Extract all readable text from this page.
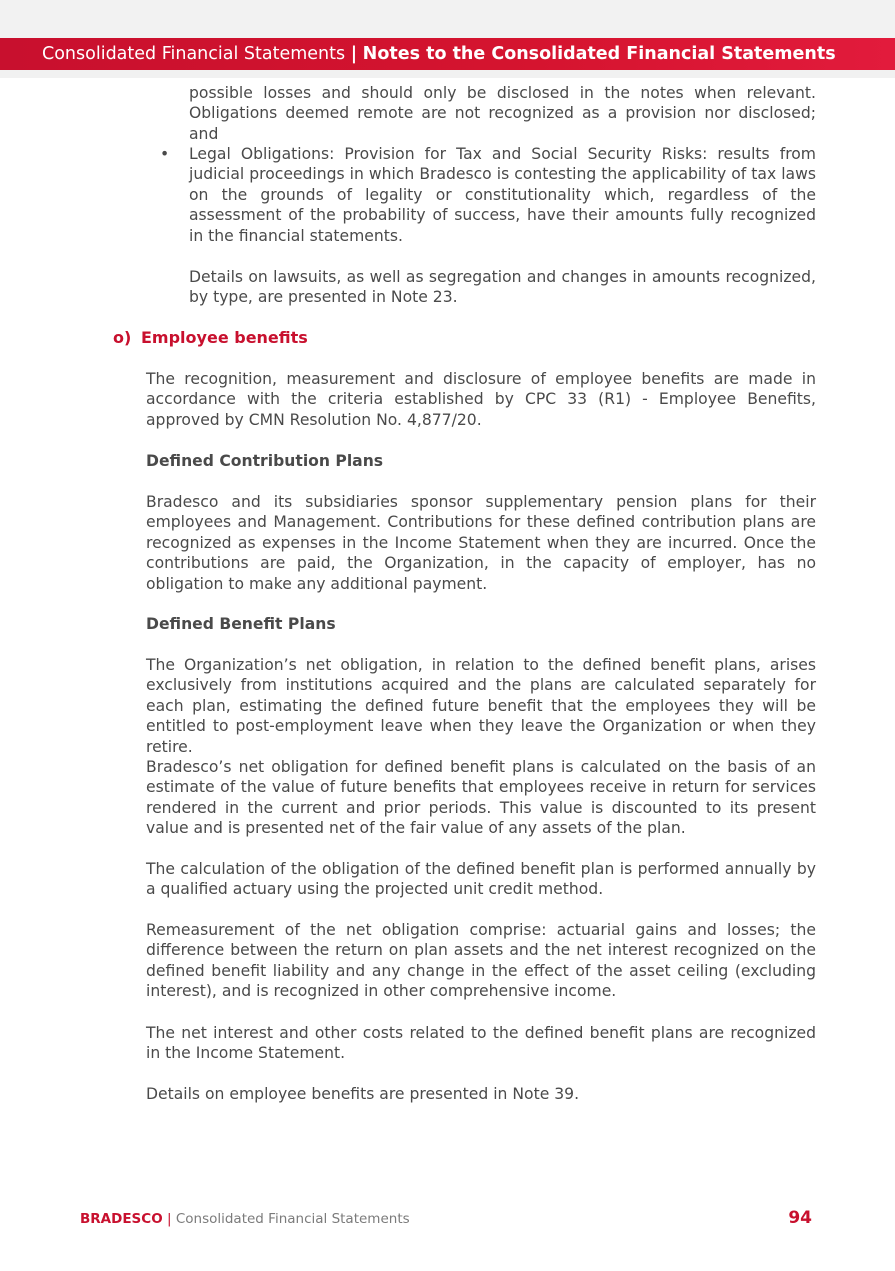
Consolidated Financial Statements | Notes to the Consolidated Financial Statements

possible losses and should only be disclosed in the notes when relevant. Obligations deemed remote are not recognized as a provision nor disclosed; and

• Legal Obligations: Provision for Tax and Social Security Risks: results from judicial proceedings in which Bradesco is contesting the applicability of tax laws on the grounds of legality or constitutionality which, regardless of the assessment of the probability of success, have their amounts fully recognized in the financial statements.

Details on lawsuits, as well as segregation and changes in amounts recognized, by type, are presented in Note 23.

o) Employee benefits

The recognition, measurement and disclosure of employee benefits are made in accordance with the criteria established by CPC 33 (R1) - Employee Benefits, approved by CMN Resolution No. 4,877/20.

Defined Contribution Plans

Bradesco and its subsidiaries sponsor supplementary pension plans for their employees and Management. Contributions for these defined contribution plans are recognized as expenses in the Income Statement when they are incurred. Once the contributions are paid, the Organization, in the capacity of employer, has no obligation to make any additional payment.

Defined Benefit Plans

The Organization’s net obligation, in relation to the defined benefit plans, arises exclusively from institutions acquired and the plans are calculated separately for each plan, estimating the defined future benefit that the employees they will be entitled to post-employment leave when they leave the Organization or when they retire.

Bradesco’s net obligation for defined benefit plans is calculated on the basis of an estimate of the value of future benefits that employees receive in return for services rendered in the current and prior periods. This value is discounted to its present value and is presented net of the fair value of any assets of the plan.

The calculation of the obligation of the defined benefit plan is performed annually by a qualified actuary using the projected unit credit method.

Remeasurement of the net obligation comprise: actuarial gains and losses; the difference between the return on plan assets and the net interest recognized on the defined benefit liability and any change in the effect of the asset ceiling (excluding interest), and is recognized in other comprehensive income.

The net interest and other costs related to the defined benefit plans are recognized in the Income Statement.

Details on employee benefits are presented in Note 39.

BRADESCO | Consolidated Financial Statements	94
